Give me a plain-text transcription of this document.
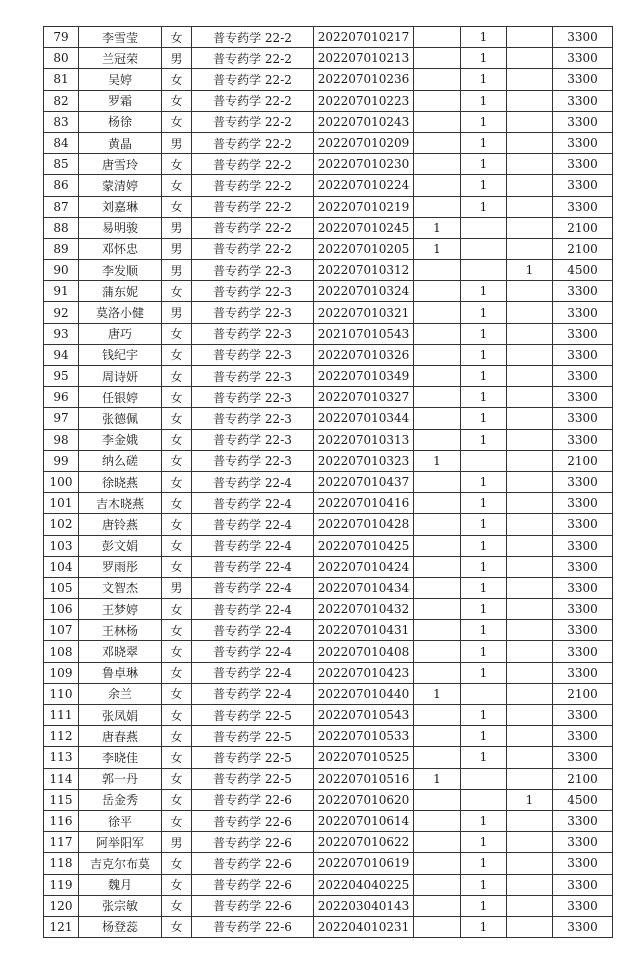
79	李雪莹	女	普专药学 22-2	202207010217		1		3300
80	兰冠荣	男	普专药学 22-2	202207010213		1		3300
81	吴婷	女	普专药学 22-2	202207010236		1		3300
82	罗霜	女	普专药学 22-2	202207010223		1		3300
83	杨徐	女	普专药学 22-2	202207010243		1		3300
84	黄晶	男	普专药学 22-2	202207010209		1		3300
85	唐雪玲	女	普专药学 22-2	202207010230		1		3300
86	蒙清婷	女	普专药学 22-2	202207010224		1		3300
87	刘嘉琳	女	普专药学 22-2	202207010219		1		3300
88	易明骏	男	普专药学 22-2	202207010245	1			2100
89	邓怀忠	男	普专药学 22-2	202207010205	1			2100
90	李发顺	男	普专药学 22-3	202207010312			1	4500
91	蒲东妮	女	普专药学 22-3	202207010324		1		3300
92	莫洛小健	男	普专药学 22-3	202207010321		1		3300
93	唐巧	女	普专药学 22-3	202107010543		1		3300
94	钱纪宇	女	普专药学 22-3	202207010326		1		3300
95	周诗妍	女	普专药学 22-3	202207010349		1		3300
96	任银婷	女	普专药学 22-3	202207010327		1		3300
97	张德佩	女	普专药学 22-3	202207010344		1		3300
98	李金娥	女	普专药学 22-3	202207010313		1		3300
99	纳么磋	女	普专药学 22-3	202207010323	1			2100
100	徐晓燕	女	普专药学 22-4	202207010437		1		3300
101	吉木晓燕	女	普专药学 22-4	202207010416		1		3300
102	唐铃燕	女	普专药学 22-4	202207010428		1		3300
103	彭文娟	女	普专药学 22-4	202207010425		1		3300
104	罗雨彤	女	普专药学 22-4	202207010424		1		3300
105	文智杰	男	普专药学 22-4	202207010434		1		3300
106	王梦婷	女	普专药学 22-4	202207010432		1		3300
107	王林杨	女	普专药学 22-4	202207010431		1		3300
108	邓晓翠	女	普专药学 22-4	202207010408		1		3300
109	鲁卓琳	女	普专药学 22-4	202207010423		1		3300
110	余兰	女	普专药学 22-4	202207010440	1			2100
111	张凤娟	女	普专药学 22-5	202207010543		1		3300
112	唐春燕	女	普专药学 22-5	202207010533		1		3300
113	李晓佳	女	普专药学 22-5	202207010525		1		3300
114	郭一丹	女	普专药学 22-5	202207010516	1			2100
115	岳金秀	女	普专药学 22-6	202207010620			1	4500
116	徐平	女	普专药学 22-6	202207010614		1		3300
117	阿举阳军	男	普专药学 22-6	202207010622		1		3300
118	吉克尔布莫	女	普专药学 22-6	202207010619		1		3300
119	魏月	女	普专药学 22-6	202204040225		1		3300
120	张宗敏	女	普专药学 22-6	202203040143		1		3300
121	杨登蕊	女	普专药学 22-6	202204010231		1		3300
